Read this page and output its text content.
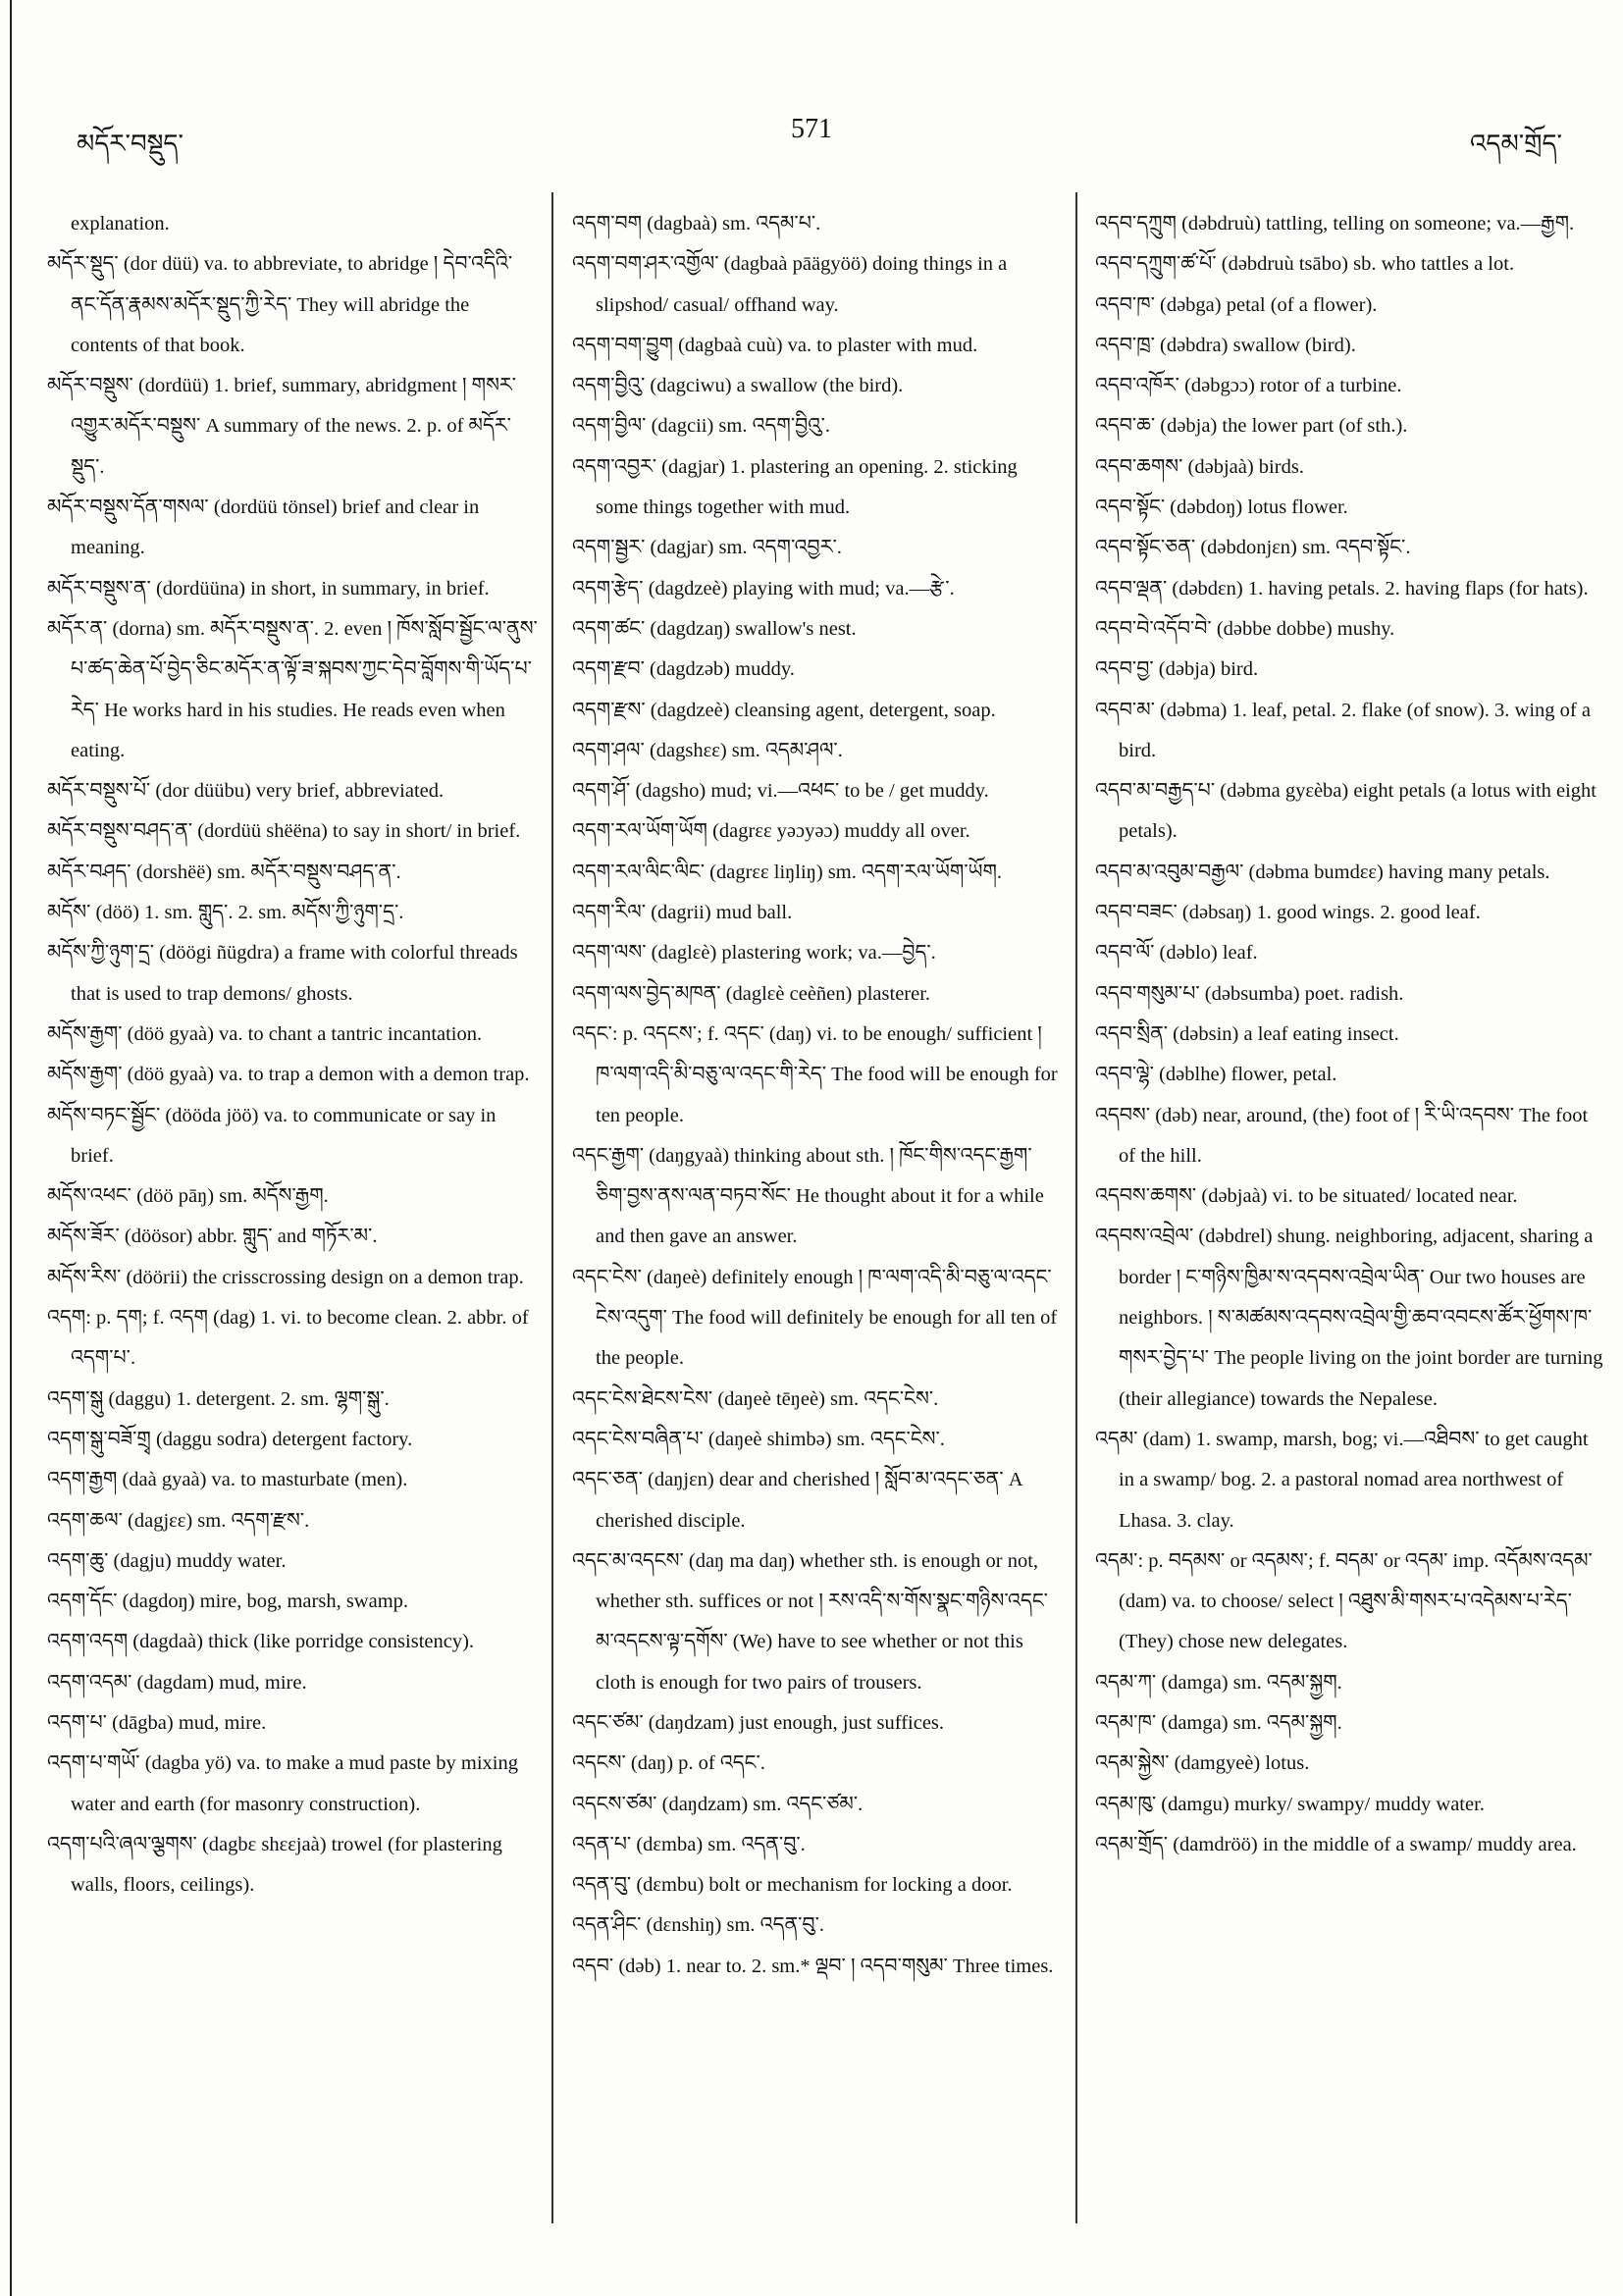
མདོར་བསྡུད་	571	འདམ་གྲོད་

explanation.

མདོར་སྡུད་ (dor düü) va. to abbreviate, to abridge ། དེབ་འདིའི་ནང་དོན་རྣམས་མདོར་སྡུད་ཀྱི་རེད་ They will abridge the contents of that book.

མདོར་བསྡུས་ (dordüü) 1. brief, summary, abridgment ། གསར་འགྱུར་མདོར་བསྡུས་ A summary of the news. 2. p. of མདོར་སྡུད་.

མདོར་བསྡུས་དོན་གསལ་ (dordüü tönsel) brief and clear in meaning.

མདོར་བསྡུས་ན་ (dordüüna) in short, in summary, in brief.

མདོར་ན་ (dorna) sm. མདོར་བསྡུས་ན་. 2. even ། ཁོས་སློབ་སྦྱོང་ལ་ནུས་པ་ཚད་ཆེན་པོ་བྱེད་ཅིང་མདོར་ན་ལྟོ་ཟ་སྐབས་ཀྱང་དེབ་བློགས་གི་ཡོད་པ་རེད་ He works hard in his studies. He reads even when eating.

མདོར་བསྡུས་པོ་ (dor düübu) very brief, abbreviated.

མདོར་བསྡུས་བཤད་ན་ (dordüü shëëna) to say in short/ in brief.

མདོར་བཤད་ (dorshëë) sm. མདོར་བསྡུས་བཤད་ན་.

མདོས་ (döö) 1. sm. གླུད་. 2. sm. མདོས་ཀྱི་ཉུག་དྲ་.

མདོས་ཀྱི་ཉུག་དྲ་ (döögi ñügdra) a frame with colorful threads that is used to trap demons/ ghosts.

མདོས་རྒྱག་ (döö gyaà) va. to chant a tantric incantation.

མདོས་རྒྱག་ (döö gyaà) va. to trap a demon with a demon trap.

མདོས་བཏང་སྦྱོང་ (dööda jöö) va. to communicate or say in brief.

མདོས་འཕང་ (döö pāŋ) sm. མདོས་རྒྱག.

མདོས་ཟོར་ (döösor) abbr. གླུད་ and གཏོར་མ་.

མདོས་རིས་ (döörii) the crisscrossing design on a demon trap.

འདག: p. དག; f. འདག (dag) 1. vi. to become clean. 2. abbr. of འདག་པ་.

འདག་སྒུ (daggu) 1. detergent. 2. sm. ལྷག་སྒུ་.

འདག་སྒུ་བཟོ་གྲྭ (daggu sodra) detergent factory.

འདག་རྒྱག (daà gyaà) va. to masturbate (men).

འདག་ཆལ་ (dagjεε) sm. འདག་རྫས་.

འདག་ཆུ་ (dagju) muddy water.

འདག་དོང་ (dagdoŋ) mire, bog, marsh, swamp.

འདག་འདག (dagdaà) thick (like porridge consistency).

འདག་འདམ་ (dagdam) mud, mire.

འདག་པ་ (dāgba) mud, mire.

འདག་པ་གཡོ་ (dagba yö) va. to make a mud paste by mixing water and earth (for masonry construction).

འདག་པའི་ཞལ་ལྕགས་ (dagbε shεεjaà) trowel (for plastering walls, floors, ceilings).

འདག་བག (dagbaà) sm. འདམ་པ་.

འདག་བག་ཤར་འགྱོལ་ (dagbaà pāägyöö) doing things in a slipshod/ casual/ offhand way.

འདག་བག་བྱུག (dagbaà cuù) va. to plaster with mud.

འདག་བྱིའུ་ (dagciwu) a swallow (the bird).

འདག་བྱིལ་ (dagcii) sm. འདག་བྱིའུ་.

འདག་འབྱར་ (dagjar) 1. plastering an opening. 2. sticking some things together with mud.

འདག་སྦྱར་ (dagjar) sm. འདག་འབྱར་.

འདག་རྩེད་ (dagdzeè) playing with mud; va.—རྩེ་.

འདག་ཚང་ (dagdzaŋ) swallow's nest.

འདག་རྫབ་ (dagdzəb) muddy.

འདག་རྫས་ (dagdzeè) cleansing agent, detergent, soap.

འདག་ཤལ་ (dagshεε) sm. འདམ་ཤལ་.

འདག་ཤོ་ (dagsho) mud; vi.—འཕང་ to be / get muddy.

འདག་རལ་ཡོག་ཡོག (dagrεε yəɔyəɔ) muddy all over.

འདག་རལ་ལིང་ལིང་ (dagrεε liŋliŋ) sm. འདག་རལ་ཡོག་ཡོག.

འདག་རིལ་ (dagrii) mud ball.

འདག་ལས་ (daglεè) plastering work; va.—བྱེད་.

འདག་ལས་བྱེད་མཁན་ (daglεè ceèñen) plasterer.

འདང་: p. འདངས་; f. འདང་ (daŋ) vi. to be enough/ sufficient ། ཁ་ལག་འདི་མི་བཅུ་ལ་འདང་གི་རེད་ The food will be enough for ten people.

འདང་རྒྱག་ (daŋgyaà) thinking about sth. ། ཁོང་གིས་འདང་རྒྱག་ཅིག་བྱས་ནས་ལན་བཏབ་སོང་ He thought about it for a while and then gave an answer.

འདང་ངེས་ (daŋeè) definitely enough ། ཁ་ལག་འདི་མི་བཅུ་ལ་འདང་ངེས་འདུག་ The food will definitely be enough for all ten of the people.

འདང་ངེས་ཐེངས་ངེས་ (daŋeè tēŋeè) sm. འདང་ངེས་.

འདང་ངེས་བཞིན་པ་ (daŋeè shimbə) sm. འདང་ངེས་.

འདང་ཅན་ (daŋjεn) dear and cherished ། སློབ་མ་འདང་ཅན་ A cherished disciple.

འདང་མ་འདངས་ (daŋ ma daŋ) whether sth. is enough or not, whether sth. suffices or not ། རས་འདི་ས་གོས་སྣང་གཉིས་འདང་མ་འདངས་ལྟ་དགོས་ (We) have to see whether or not this cloth is enough for two pairs of trousers.

འདང་ཙམ་ (daŋdzam) just enough, just suffices.

འདངས་ (daŋ) p. of འདང་.

འདངས་ཙམ་ (daŋdzam) sm. འདང་ཙམ་.

འདན་པ་ (dεmba) sm. འདན་བུ་.

འདན་བུ་ (dεmbu) bolt or mechanism for locking a door.

འདན་ཤིང་ (dεnshiŋ) sm. འདན་བུ་.

འདབ་ (dəb) 1. near to. 2. sm.* ལྡབ་ ། འདབ་གསུམ་ Three times.

འདབ་དཀྲུག (dəbdruù) tattling, telling on someone; va.—རྒྱག.

འདབ་དཀྲུག་ཚ་པོ་ (dəbdruù tsābo) sb. who tattles a lot.

འདབ་ཁ་ (dəbga) petal (of a flower).

འདབ་ཁྲ་ (dəbdra) swallow (bird).

འདབ་འཁོར་ (dəbgɔɔ) rotor of a turbine.

འདབ་ཆ་ (dəbja) the lower part (of sth.).

འདབ་ཆགས་ (dəbjaà) birds.

འདབ་སྟོང་ (dəbdoŋ) lotus flower.

འདབ་སྟོང་ཅན་ (dəbdonjεn) sm. འདབ་སྟོང་.

འདབ་ལྡན་ (dəbdεn) 1. having petals. 2. having flaps (for hats).

འདབ་བེ་འདོབ་བེ་ (dəbbe dobbe) mushy.

འདབ་བྱ་ (dəbja) bird.

འདབ་མ་ (dəbma) 1. leaf, petal. 2. flake (of snow). 3. wing of a bird.

འདབ་མ་བརྒྱད་པ་ (dəbma gyεèba) eight petals (a lotus with eight petals).

འདབ་མ་འབུམ་བརྒྱལ་ (dəbma bumdεε) having many petals.

འདབ་བཟང་ (dəbsaŋ) 1. good wings. 2. good leaf.

འདབ་ལོ་ (dəblo) leaf.

འདབ་གསུམ་པ་ (dəbsumba) poet. radish.

འདབ་སྲིན་ (dəbsin) a leaf eating insect.

འདབ་ལྷེ་ (dəblhe) flower, petal.

འདབས་ (dəb) near, around, (the) foot of ། རི་ཡི་འདབས་ The foot of the hill.

འདབས་ཆགས་ (dəbjaà) vi. to be situated/ located near.

འདབས་འབྲེལ་ (dəbdrel) shung. neighboring, adjacent, sharing a border ། ང་གཉིས་ཁྱིམ་ས་འདབས་འབྲེལ་ཡིན་ Our two houses are neighbors. ། ས་མཚམས་འདབས་འབྲེལ་གྱི་ཆབ་འབངས་ཚོར་ཕྱོགས་ཁ་གསར་བྱེད་པ་ The people living on the joint border are turning (their allegiance) towards the Nepalese.

འདམ་ (dam) 1. swamp, marsh, bog; vi.—འཐིབས་ to get caught in a swamp/ bog. 2. a pastoral nomad area northwest of Lhasa. 3. clay.

འདམ་: p. བདམས་ or འདམས་; f. བདམ་ or འདམ་ imp. འདོམས་འདམ་ (dam) va. to choose/ select ། འཐུས་མི་གསར་པ་འདེམས་པ་རེད་ (They) chose new delegates.

འདམ་ཀ་ (damga) sm. འདམ་སྐྱག.

འདམ་ཁ་ (damga) sm. འདམ་སྐྱག.

འདམ་སྐྱེས་ (damgyeè) lotus.

འདམ་ཁུ་ (damgu) murky/ swampy/ muddy water.

འདམ་གྲོད་ (damdröö) in the middle of a swamp/ muddy area.
